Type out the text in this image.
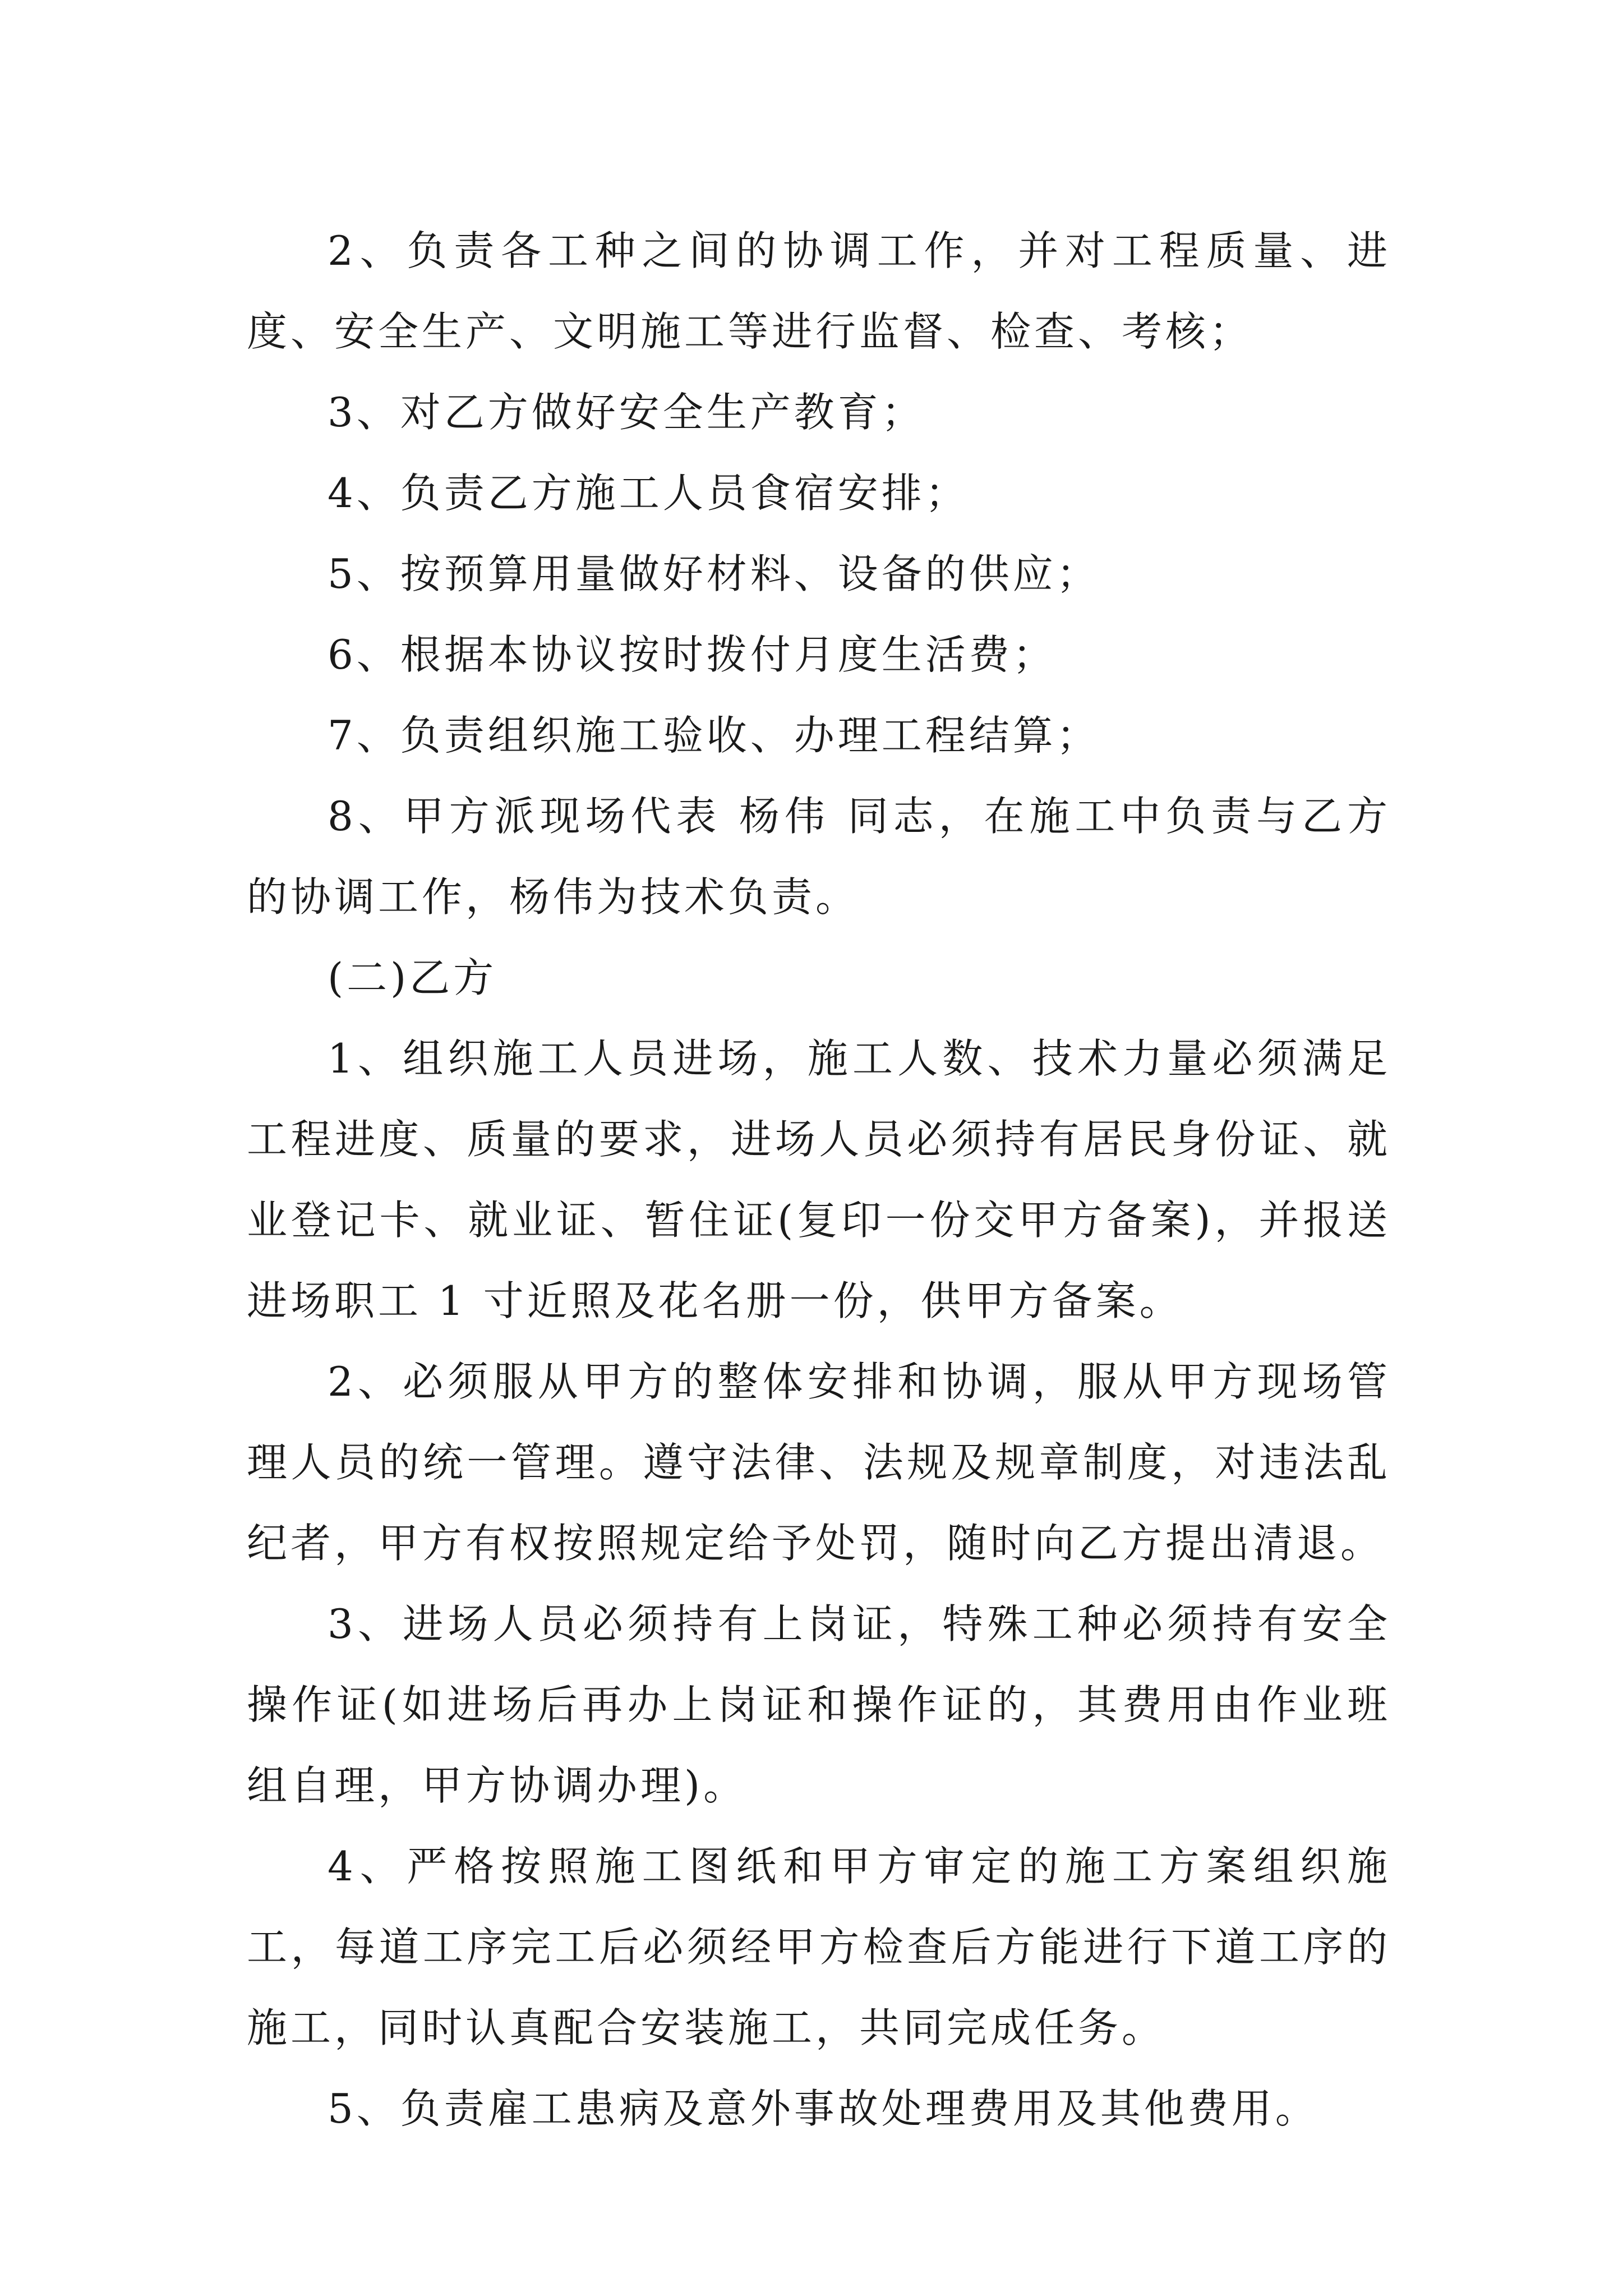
2、负责各工种之间的协调工作，并对工程质量、进度、安全生产、文明施工等进行监督、检查、考核；

3、对乙方做好安全生产教育；

4、负责乙方施工人员食宿安排；

5、按预算用量做好材料、设备的供应；

6、根据本协议按时拨付月度生活费；

7、负责组织施工验收、办理工程结算；

8、甲方派现场代表 杨伟 同志，在施工中负责与乙方的协调工作，杨伟为技术负责。

(二)乙方

1、组织施工人员进场，施工人数、技术力量必须满足工程进度、质量的要求，进场人员必须持有居民身份证、就业登记卡、就业证、暂住证(复印一份交甲方备案)，并报送进场职工 1 寸近照及花名册一份，供甲方备案。

2、必须服从甲方的整体安排和协调，服从甲方现场管理人员的统一管理。遵守法律、法规及规章制度，对违法乱纪者，甲方有权按照规定给予处罚，随时向乙方提出清退。

3、进场人员必须持有上岗证，特殊工种必须持有安全操作证(如进场后再办上岗证和操作证的，其费用由作业班组自理，甲方协调办理)。

4、严格按照施工图纸和甲方审定的施工方案组织施工，每道工序完工后必须经甲方检查后方能进行下道工序的施工，同时认真配合安装施工，共同完成任务。

5、负责雇工患病及意外事故处理费用及其他费用。
